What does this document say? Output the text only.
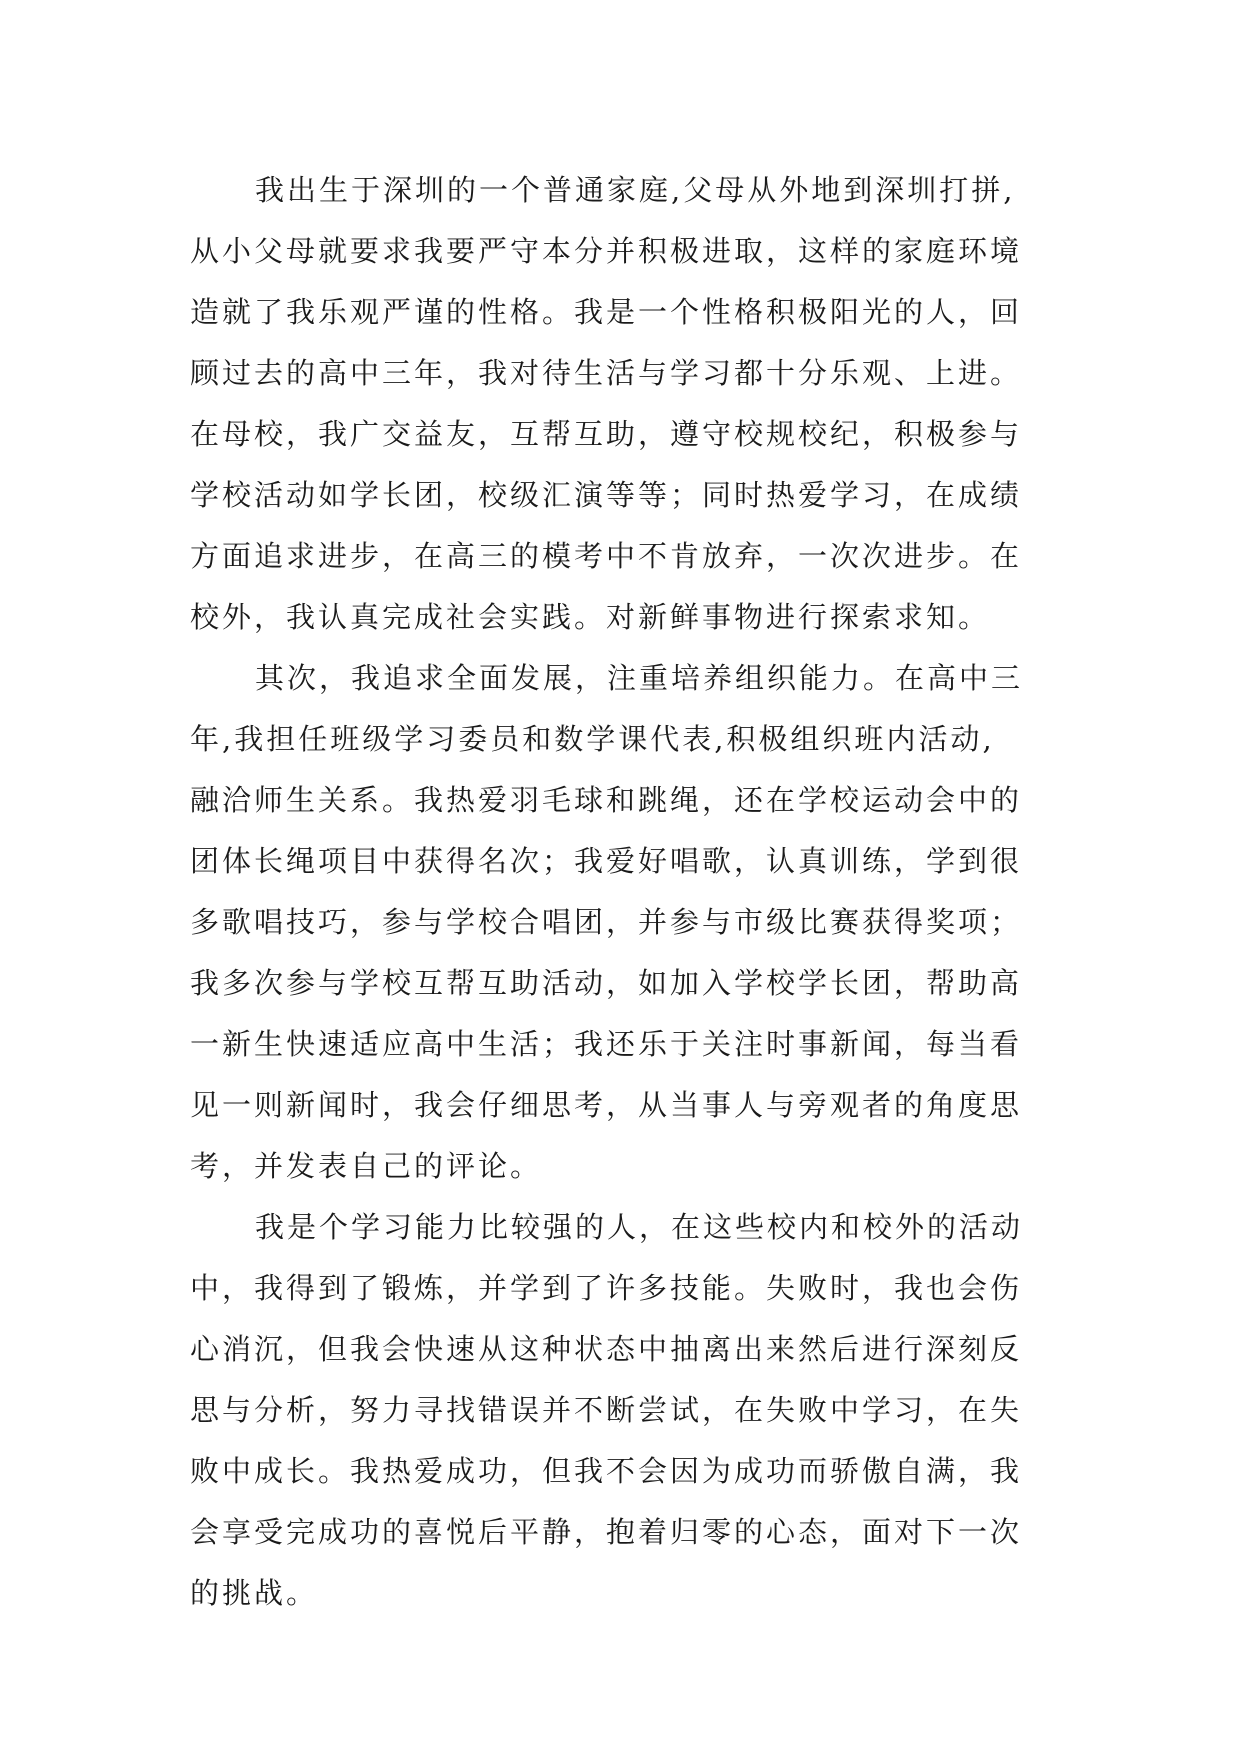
我出生于深圳的一个普通家庭,父母从外地到深圳打拼,
从小父母就要求我要严守本分并积极进取，这样的家庭环境
造就了我乐观严谨的性格。我是一个性格积极阳光的人，回
顾过去的高中三年，我对待生活与学习都十分乐观、上进。
在母校，我广交益友，互帮互助，遵守校规校纪，积极参与
学校活动如学长团，校级汇演等等；同时热爱学习，在成绩
方面追求进步，在高三的模考中不肯放弃，一次次进步。在
校外，我认真完成社会实践。对新鲜事物进行探索求知。
其次，我追求全面发展，注重培养组织能力。在高中三
年,我担任班级学习委员和数学课代表,积极组织班内活动,
融洽师生关系。我热爱羽毛球和跳绳，还在学校运动会中的
团体长绳项目中获得名次；我爱好唱歌，认真训练，学到很
多歌唱技巧，参与学校合唱团，并参与市级比赛获得奖项；
我多次参与学校互帮互助活动，如加入学校学长团，帮助高
一新生快速适应高中生活；我还乐于关注时事新闻，每当看
见一则新闻时，我会仔细思考，从当事人与旁观者的角度思
考，并发表自己的评论。
我是个学习能力比较强的人，在这些校内和校外的活动
中，我得到了锻炼，并学到了许多技能。失败时，我也会伤
心消沉，但我会快速从这种状态中抽离出来然后进行深刻反
思与分析，努力寻找错误并不断尝试，在失败中学习，在失
败中成长。我热爱成功，但我不会因为成功而骄傲自满，我
会享受完成功的喜悦后平静，抱着归零的心态，面对下一次
的挑战。
